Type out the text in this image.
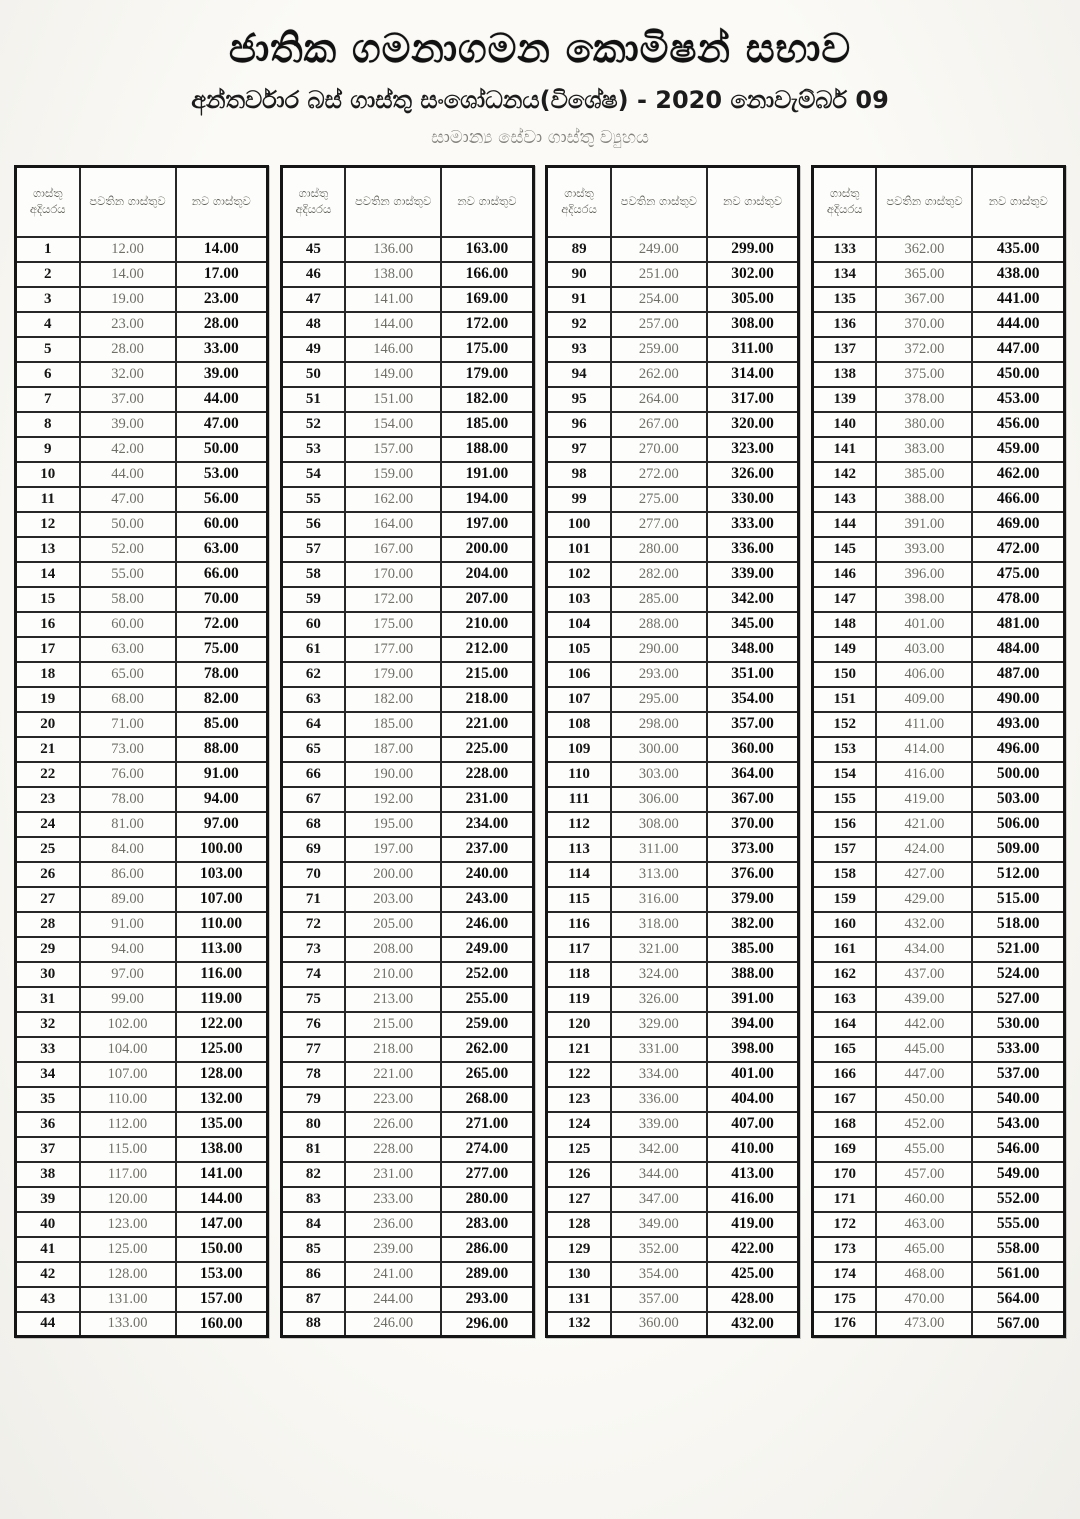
ජාතික ගමනාගමන කොමිෂන් සභාව
අන්තර්වාර බස් ගාස්තු සංශෝධනය(විශේෂ) - 2020 නොවැම්බර් 09
සාමාන්‍ය සේවා ගාස්තු ව්‍යුහය
ගාස්තු අදියරය	පවතින ගාස්තුව	නව ගාස්තුව
1	12.00	14.00
2	14.00	17.00
3	19.00	23.00
4	23.00	28.00
5	28.00	33.00
6	32.00	39.00
7	37.00	44.00
8	39.00	47.00
9	42.00	50.00
10	44.00	53.00
11	47.00	56.00
12	50.00	60.00
13	52.00	63.00
14	55.00	66.00
15	58.00	70.00
16	60.00	72.00
17	63.00	75.00
18	65.00	78.00
19	68.00	82.00
20	71.00	85.00
21	73.00	88.00
22	76.00	91.00
23	78.00	94.00
24	81.00	97.00
25	84.00	100.00
26	86.00	103.00
27	89.00	107.00
28	91.00	110.00
29	94.00	113.00
30	97.00	116.00
31	99.00	119.00
32	102.00	122.00
33	104.00	125.00
34	107.00	128.00
35	110.00	132.00
36	112.00	135.00
37	115.00	138.00
38	117.00	141.00
39	120.00	144.00
40	123.00	147.00
41	125.00	150.00
42	128.00	153.00
43	131.00	157.00
44	133.00	160.00
ගාස්තු අදියරය	පවතින ගාස්තුව	නව ගාස්තුව
45	136.00	163.00
46	138.00	166.00
47	141.00	169.00
48	144.00	172.00
49	146.00	175.00
50	149.00	179.00
51	151.00	182.00
52	154.00	185.00
53	157.00	188.00
54	159.00	191.00
55	162.00	194.00
56	164.00	197.00
57	167.00	200.00
58	170.00	204.00
59	172.00	207.00
60	175.00	210.00
61	177.00	212.00
62	179.00	215.00
63	182.00	218.00
64	185.00	221.00
65	187.00	225.00
66	190.00	228.00
67	192.00	231.00
68	195.00	234.00
69	197.00	237.00
70	200.00	240.00
71	203.00	243.00
72	205.00	246.00
73	208.00	249.00
74	210.00	252.00
75	213.00	255.00
76	215.00	259.00
77	218.00	262.00
78	221.00	265.00
79	223.00	268.00
80	226.00	271.00
81	228.00	274.00
82	231.00	277.00
83	233.00	280.00
84	236.00	283.00
85	239.00	286.00
86	241.00	289.00
87	244.00	293.00
88	246.00	296.00
ගාස්තු අදියරය	පවතින ගාස්තුව	නව ගාස්තුව
89	249.00	299.00
90	251.00	302.00
91	254.00	305.00
92	257.00	308.00
93	259.00	311.00
94	262.00	314.00
95	264.00	317.00
96	267.00	320.00
97	270.00	323.00
98	272.00	326.00
99	275.00	330.00
100	277.00	333.00
101	280.00	336.00
102	282.00	339.00
103	285.00	342.00
104	288.00	345.00
105	290.00	348.00
106	293.00	351.00
107	295.00	354.00
108	298.00	357.00
109	300.00	360.00
110	303.00	364.00
111	306.00	367.00
112	308.00	370.00
113	311.00	373.00
114	313.00	376.00
115	316.00	379.00
116	318.00	382.00
117	321.00	385.00
118	324.00	388.00
119	326.00	391.00
120	329.00	394.00
121	331.00	398.00
122	334.00	401.00
123	336.00	404.00
124	339.00	407.00
125	342.00	410.00
126	344.00	413.00
127	347.00	416.00
128	349.00	419.00
129	352.00	422.00
130	354.00	425.00
131	357.00	428.00
132	360.00	432.00
ගාස්තු අදියරය	පවතින ගාස්තුව	නව ගාස්තුව
133	362.00	435.00
134	365.00	438.00
135	367.00	441.00
136	370.00	444.00
137	372.00	447.00
138	375.00	450.00
139	378.00	453.00
140	380.00	456.00
141	383.00	459.00
142	385.00	462.00
143	388.00	466.00
144	391.00	469.00
145	393.00	472.00
146	396.00	475.00
147	398.00	478.00
148	401.00	481.00
149	403.00	484.00
150	406.00	487.00
151	409.00	490.00
152	411.00	493.00
153	414.00	496.00
154	416.00	500.00
155	419.00	503.00
156	421.00	506.00
157	424.00	509.00
158	427.00	512.00
159	429.00	515.00
160	432.00	518.00
161	434.00	521.00
162	437.00	524.00
163	439.00	527.00
164	442.00	530.00
165	445.00	533.00
166	447.00	537.00
167	450.00	540.00
168	452.00	543.00
169	455.00	546.00
170	457.00	549.00
171	460.00	552.00
172	463.00	555.00
173	465.00	558.00
174	468.00	561.00
175	470.00	564.00
176	473.00	567.00
